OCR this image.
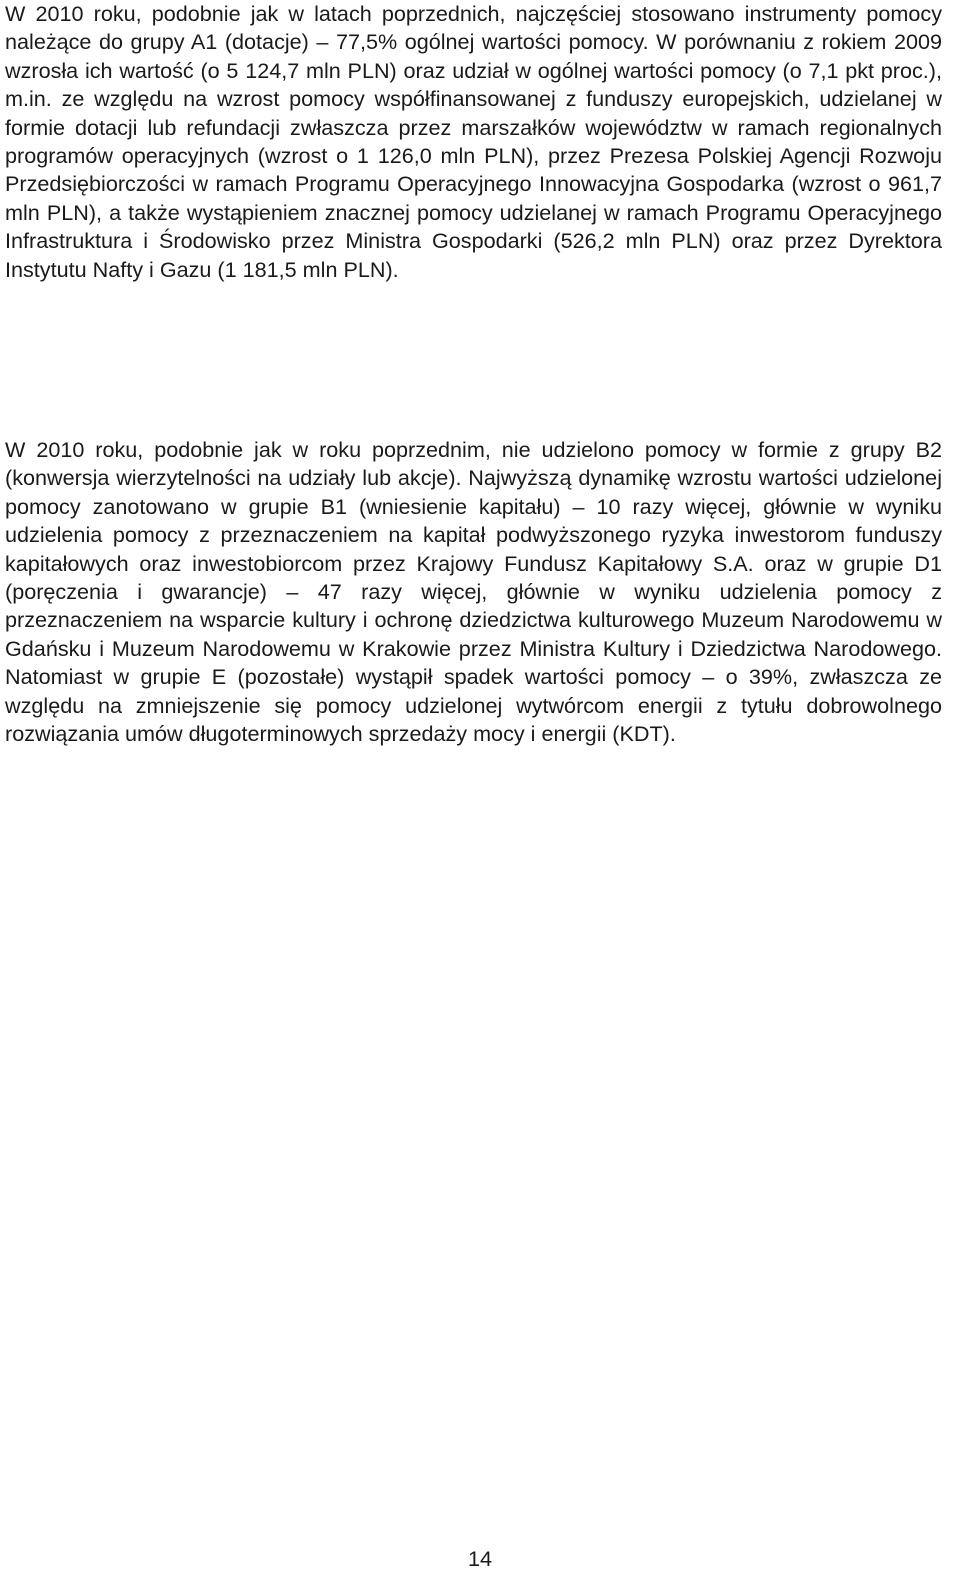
W 2010 roku, podobnie jak w latach poprzednich, najczęściej stosowano instrumenty pomocy należące do grupy A1 (dotacje) – 77,5% ogólnej wartości pomocy. W porównaniu z rokiem 2009 wzrosła ich wartość (o 5 124,7 mln PLN) oraz udział w ogólnej wartości pomocy (o 7,1 pkt proc.), m.in. ze względu na wzrost pomocy współfinansowanej z funduszy europejskich, udzielanej w formie dotacji lub refundacji zwłaszcza przez marszałków województw w ramach regionalnych programów operacyjnych (wzrost o 1 126,0 mln PLN), przez Prezesa Polskiej Agencji Rozwoju Przedsiębiorczości w ramach Programu Operacyjnego Innowacyjna Gospodarka (wzrost o 961,7 mln PLN), a także wystąpieniem znacznej pomocy udzielanej w ramach Programu Operacyjnego Infrastruktura i Środowisko przez Ministra Gospodarki (526,2 mln PLN) oraz przez Dyrektora Instytutu Nafty i Gazu (1 181,5 mln PLN).

W 2010 roku, podobnie jak w roku poprzednim, nie udzielono pomocy w formie z grupy B2 (konwersja wierzytelności na udziały lub akcje). Najwyższą dynamikę wzrostu wartości udzielonej pomocy zanotowano w grupie B1 (wniesienie kapitału) – 10 razy więcej, głównie w wyniku udzielenia pomocy z przeznaczeniem na kapitał podwyższonego ryzyka inwestorom funduszy kapitałowych oraz inwestobiorcom przez Krajowy Fundusz Kapitałowy S.A. oraz w grupie D1 (poręczenia i gwarancje) – 47 razy więcej, głównie w wyniku udzielenia pomocy z przeznaczeniem na wsparcie kultury i ochronę dziedzictwa kulturowego Muzeum Narodowemu w Gdańsku i Muzeum Narodowemu w Krakowie przez Ministra Kultury i Dziedzictwa Narodowego. Natomiast w grupie E (pozostałe) wystąpił spadek wartości pomocy – o 39%, zwłaszcza ze względu na zmniejszenie się pomocy udzielonej wytwórcom energii z tytułu dobrowolnego rozwiązania umów długoterminowych sprzedaży mocy i energii (KDT).

14
